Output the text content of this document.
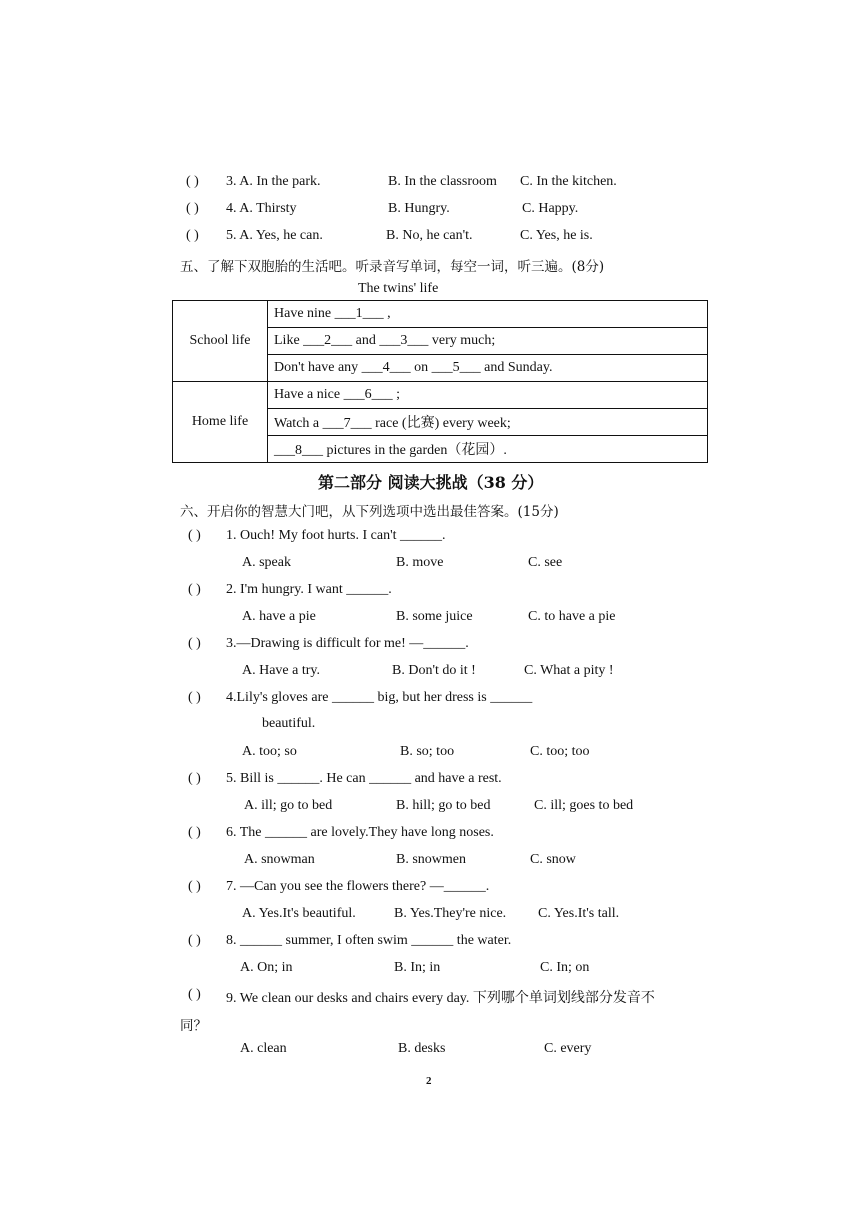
( ) 3. A. In the park.	B. In the classroom C. In the kitchen.
( ) 4. A. Thirsty	B. Hungry.	C. Happy.
( ) 5. A. Yes, he can.	B. No, he can't.	C. Yes, he is.
五、了解下双胞胎的生活吧。听录音写单词，每空一词，听三遍。(8分)
The twins' life
School life	Have nine ___1___ ,
	Like ___2___ and ___3___ very much;
	Don't have any ___4___ on ___5___ and Sunday.
Home life	Have a nice ___6___ ;
	Watch a ___7___ race (比赛) every week;
	___8___ pictures in the garden（花园）.
第二部分 阅读大挑战（38 分）
六、开启你的智慧大门吧，从下列选项中选出最佳答案。(15分)
( ) 1. Ouch! My foot hurts. I can't ______.
A. speak	B. move	C. see
( ) 2. I'm hungry. I want ______.
A. have a pie	B. some juice	C. to have a pie
( ) 3.—Drawing is difficult for me! —______.
A. Have a try.	B. Don't do it !	C. What a pity !
( ) 4.Lily's gloves are ______ big, but her dress is ______
beautiful.
A. too; so	B. so; too	C. too; too
( ) 5. Bill is ______. He can ______ and have a rest.
A. ill; go to bed	B. hill; go to bed	C. ill; goes to bed
( ) 6. The ______ are lovely.They have long noses.
A. snowman	B. snowmen	C. snow
( ) 7. —Can you see the flowers there? —______.
A. Yes.It's beautiful.	B. Yes.They're nice. C. Yes.It's tall.
( ) 8. ______ summer, I often swim ______ the water.
A. On; in	B. In; in	C. In; on
( ) 9. We clean our desks and chairs every day. 下列哪个单词划线部分发音不
同？
A. clean	B. desks	C. every
2
